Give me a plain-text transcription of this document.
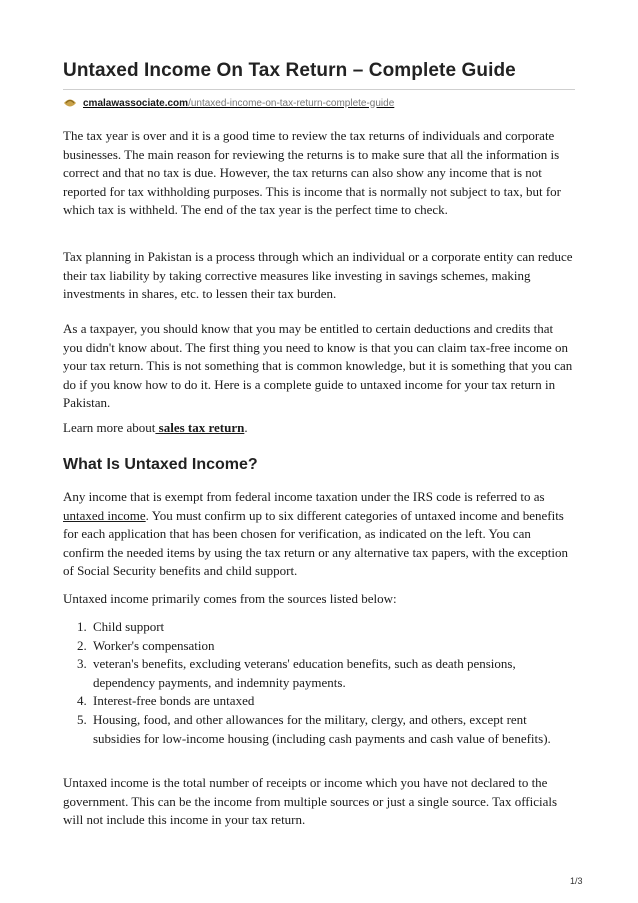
Untaxed Income On Tax Return – Complete Guide
cmalawassociate.com/untaxed-income-on-tax-return-complete-guide

The tax year is over and it is a good time to review the tax returns of individuals and corporate businesses. The main reason for reviewing the returns is to make sure that all the information is correct and that no tax is due. However, the tax returns can also show any income that is not reported for tax withholding purposes. This is income that is normally not subject to tax, but for which tax is withheld. The end of the tax year is the perfect time to check.

Tax planning in Pakistan is a process through which an individual or a corporate entity can reduce their tax liability by taking corrective measures like investing in savings schemes, making investments in shares, etc. to lessen their tax burden.

As a taxpayer, you should know that you may be entitled to certain deductions and credits that you didn't know about. The first thing you need to know is that you can claim tax-free income on your tax return. This is not something that is common knowledge, but it is something that you can do if you know how to do it. Here is a complete guide to untaxed income for your tax return in Pakistan.

Learn more about sales tax return.

What Is Untaxed Income?

Any income that is exempt from federal income taxation under the IRS code is referred to as untaxed income. You must confirm up to six different categories of untaxed income and benefits for each application that has been chosen for verification, as indicated on the left. You can confirm the needed items by using the tax return or any alternative tax papers, with the exception of Social Security benefits and child support.

Untaxed income primarily comes from the sources listed below:

1. Child support
2. Worker's compensation
3. veteran's benefits, excluding veterans' education benefits, such as death pensions, dependency payments, and indemnity payments.
4. Interest-free bonds are untaxed
5. Housing, food, and other allowances for the military, clergy, and others, except rent subsidies for low-income housing (including cash payments and cash value of benefits).

Untaxed income is the total number of receipts or income which you have not declared to the government. This can be the income from multiple sources or just a single source. Tax officials will not include this income in your tax return.

1/3
